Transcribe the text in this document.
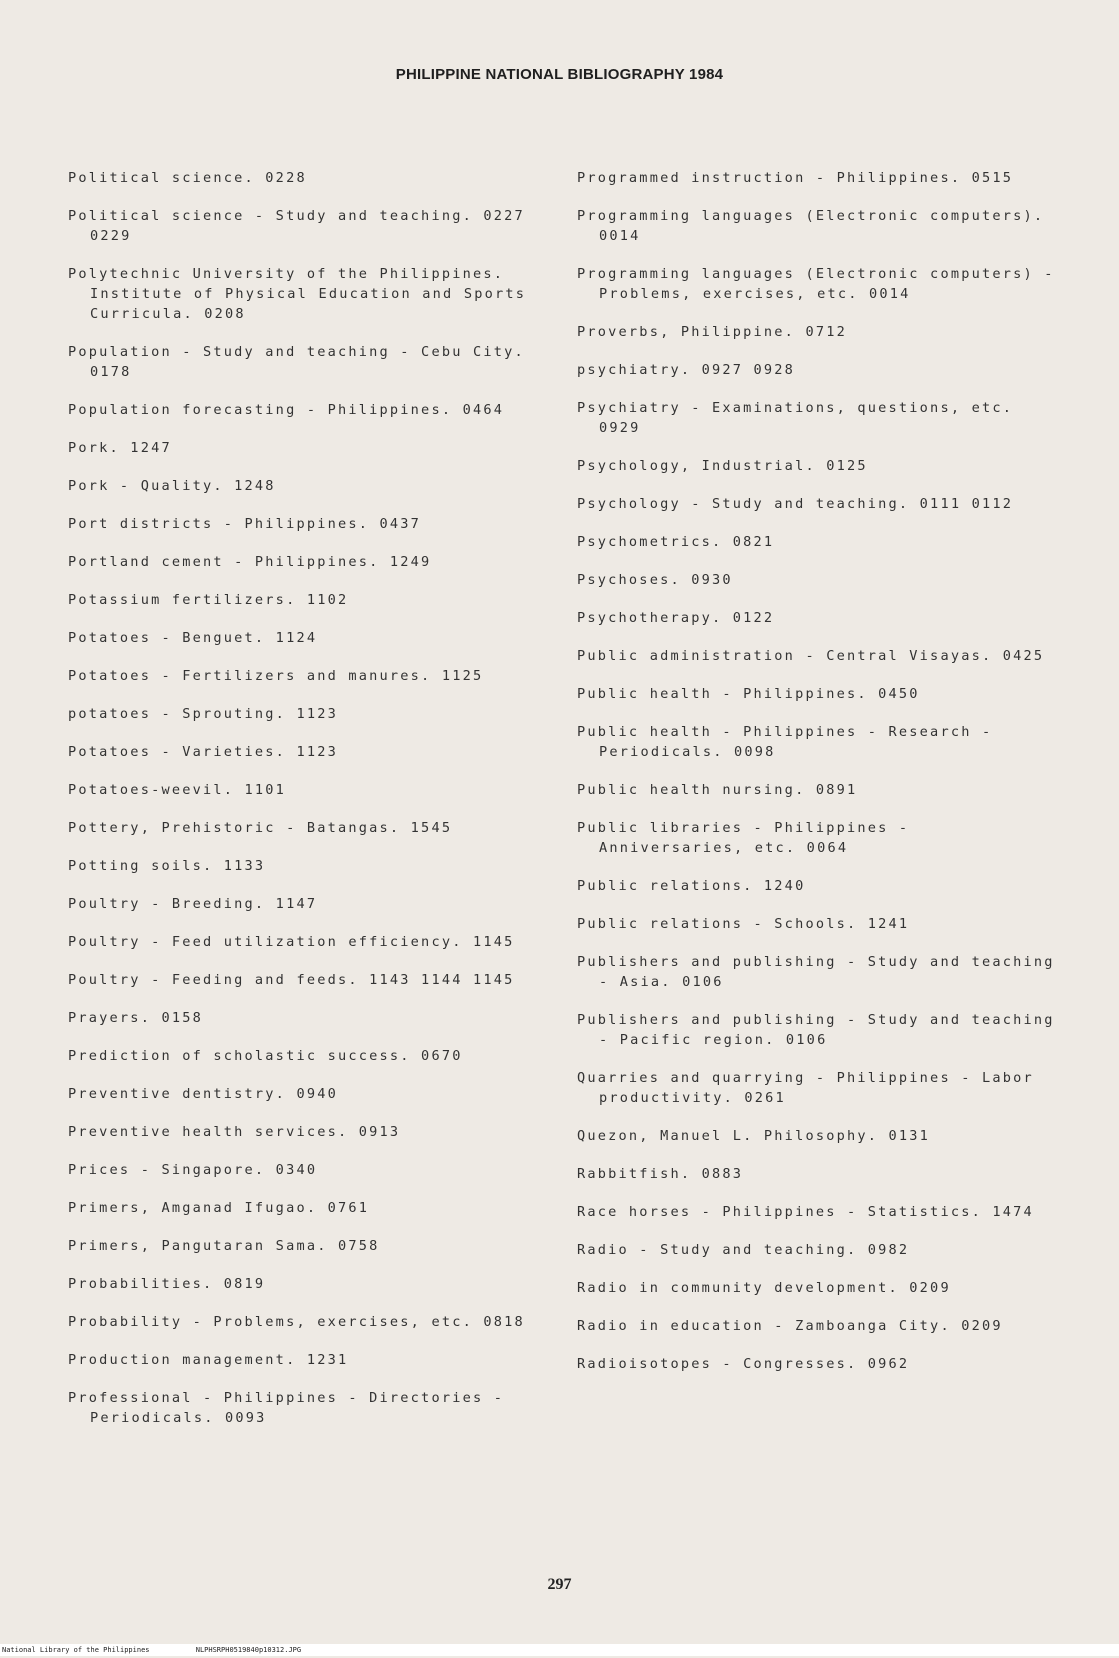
PHILIPPINE NATIONAL BIBLIOGRAPHY 1984
Political science. 0228
Political science - Study and teaching. 0227 0229
Polytechnic University of the Philippines. Institute of Physical Education and Sports Curricula. 0208
Population - Study and teaching - Cebu City. 0178
Population forecasting - Philippines. 0464
Pork. 1247
Pork - Quality. 1248
Port districts - Philippines. 0437
Portland cement - Philippines. 1249
Potassium fertilizers. 1102
Potatoes - Benguet. 1124
Potatoes - Fertilizers and manures. 1125
potatoes - Sprouting. 1123
Potatoes - Varieties. 1123
Potatoes-weevil. 1101
Pottery, Prehistoric - Batangas. 1545
Potting soils. 1133
Poultry - Breeding. 1147
Poultry - Feed utilization efficiency. 1145
Poultry - Feeding and feeds. 1143 1144 1145
Prayers. 0158
Prediction of scholastic success. 0670
Preventive dentistry. 0940
Preventive health services. 0913
Prices - Singapore. 0340
Primers, Amganad Ifugao. 0761
Primers, Pangutaran Sama. 0758
Probabilities. 0819
Probability - Problems, exercises, etc. 0818
Production management. 1231
Professional - Philippines - Directories - Periodicals. 0093
Programmed instruction - Philippines. 0515
Programming languages (Electronic computers). 0014
Programming languages (Electronic computers) - Problems, exercises, etc. 0014
Proverbs, Philippine. 0712
psychiatry. 0927 0928
Psychiatry - Examinations, questions, etc. 0929
Psychology, Industrial. 0125
Psychology - Study and teaching. 0111 0112
Psychometrics. 0821
Psychoses. 0930
Psychotherapy. 0122
Public administration - Central Visayas. 0425
Public health - Philippines. 0450
Public health - Philippines - Research - Periodicals. 0098
Public health nursing. 0891
Public libraries - Philippines - Anniversaries, etc. 0064
Public relations. 1240
Public relations - Schools. 1241
Publishers and publishing - Study and teaching - Asia. 0106
Publishers and publishing - Study and teaching - Pacific region. 0106
Quarries and quarrying - Philippines - Labor productivity. 0261
Quezon, Manuel L. Philosophy. 0131
Rabbitfish. 0883
Race horses - Philippines - Statistics. 1474
Radio - Study and teaching. 0982
Radio in community development. 0209
Radio in education - Zamboanga City. 0209
Radioisotopes - Congresses. 0962
297
National Library of the Philippines	NLPHSRPH0519840p10312.JPG
